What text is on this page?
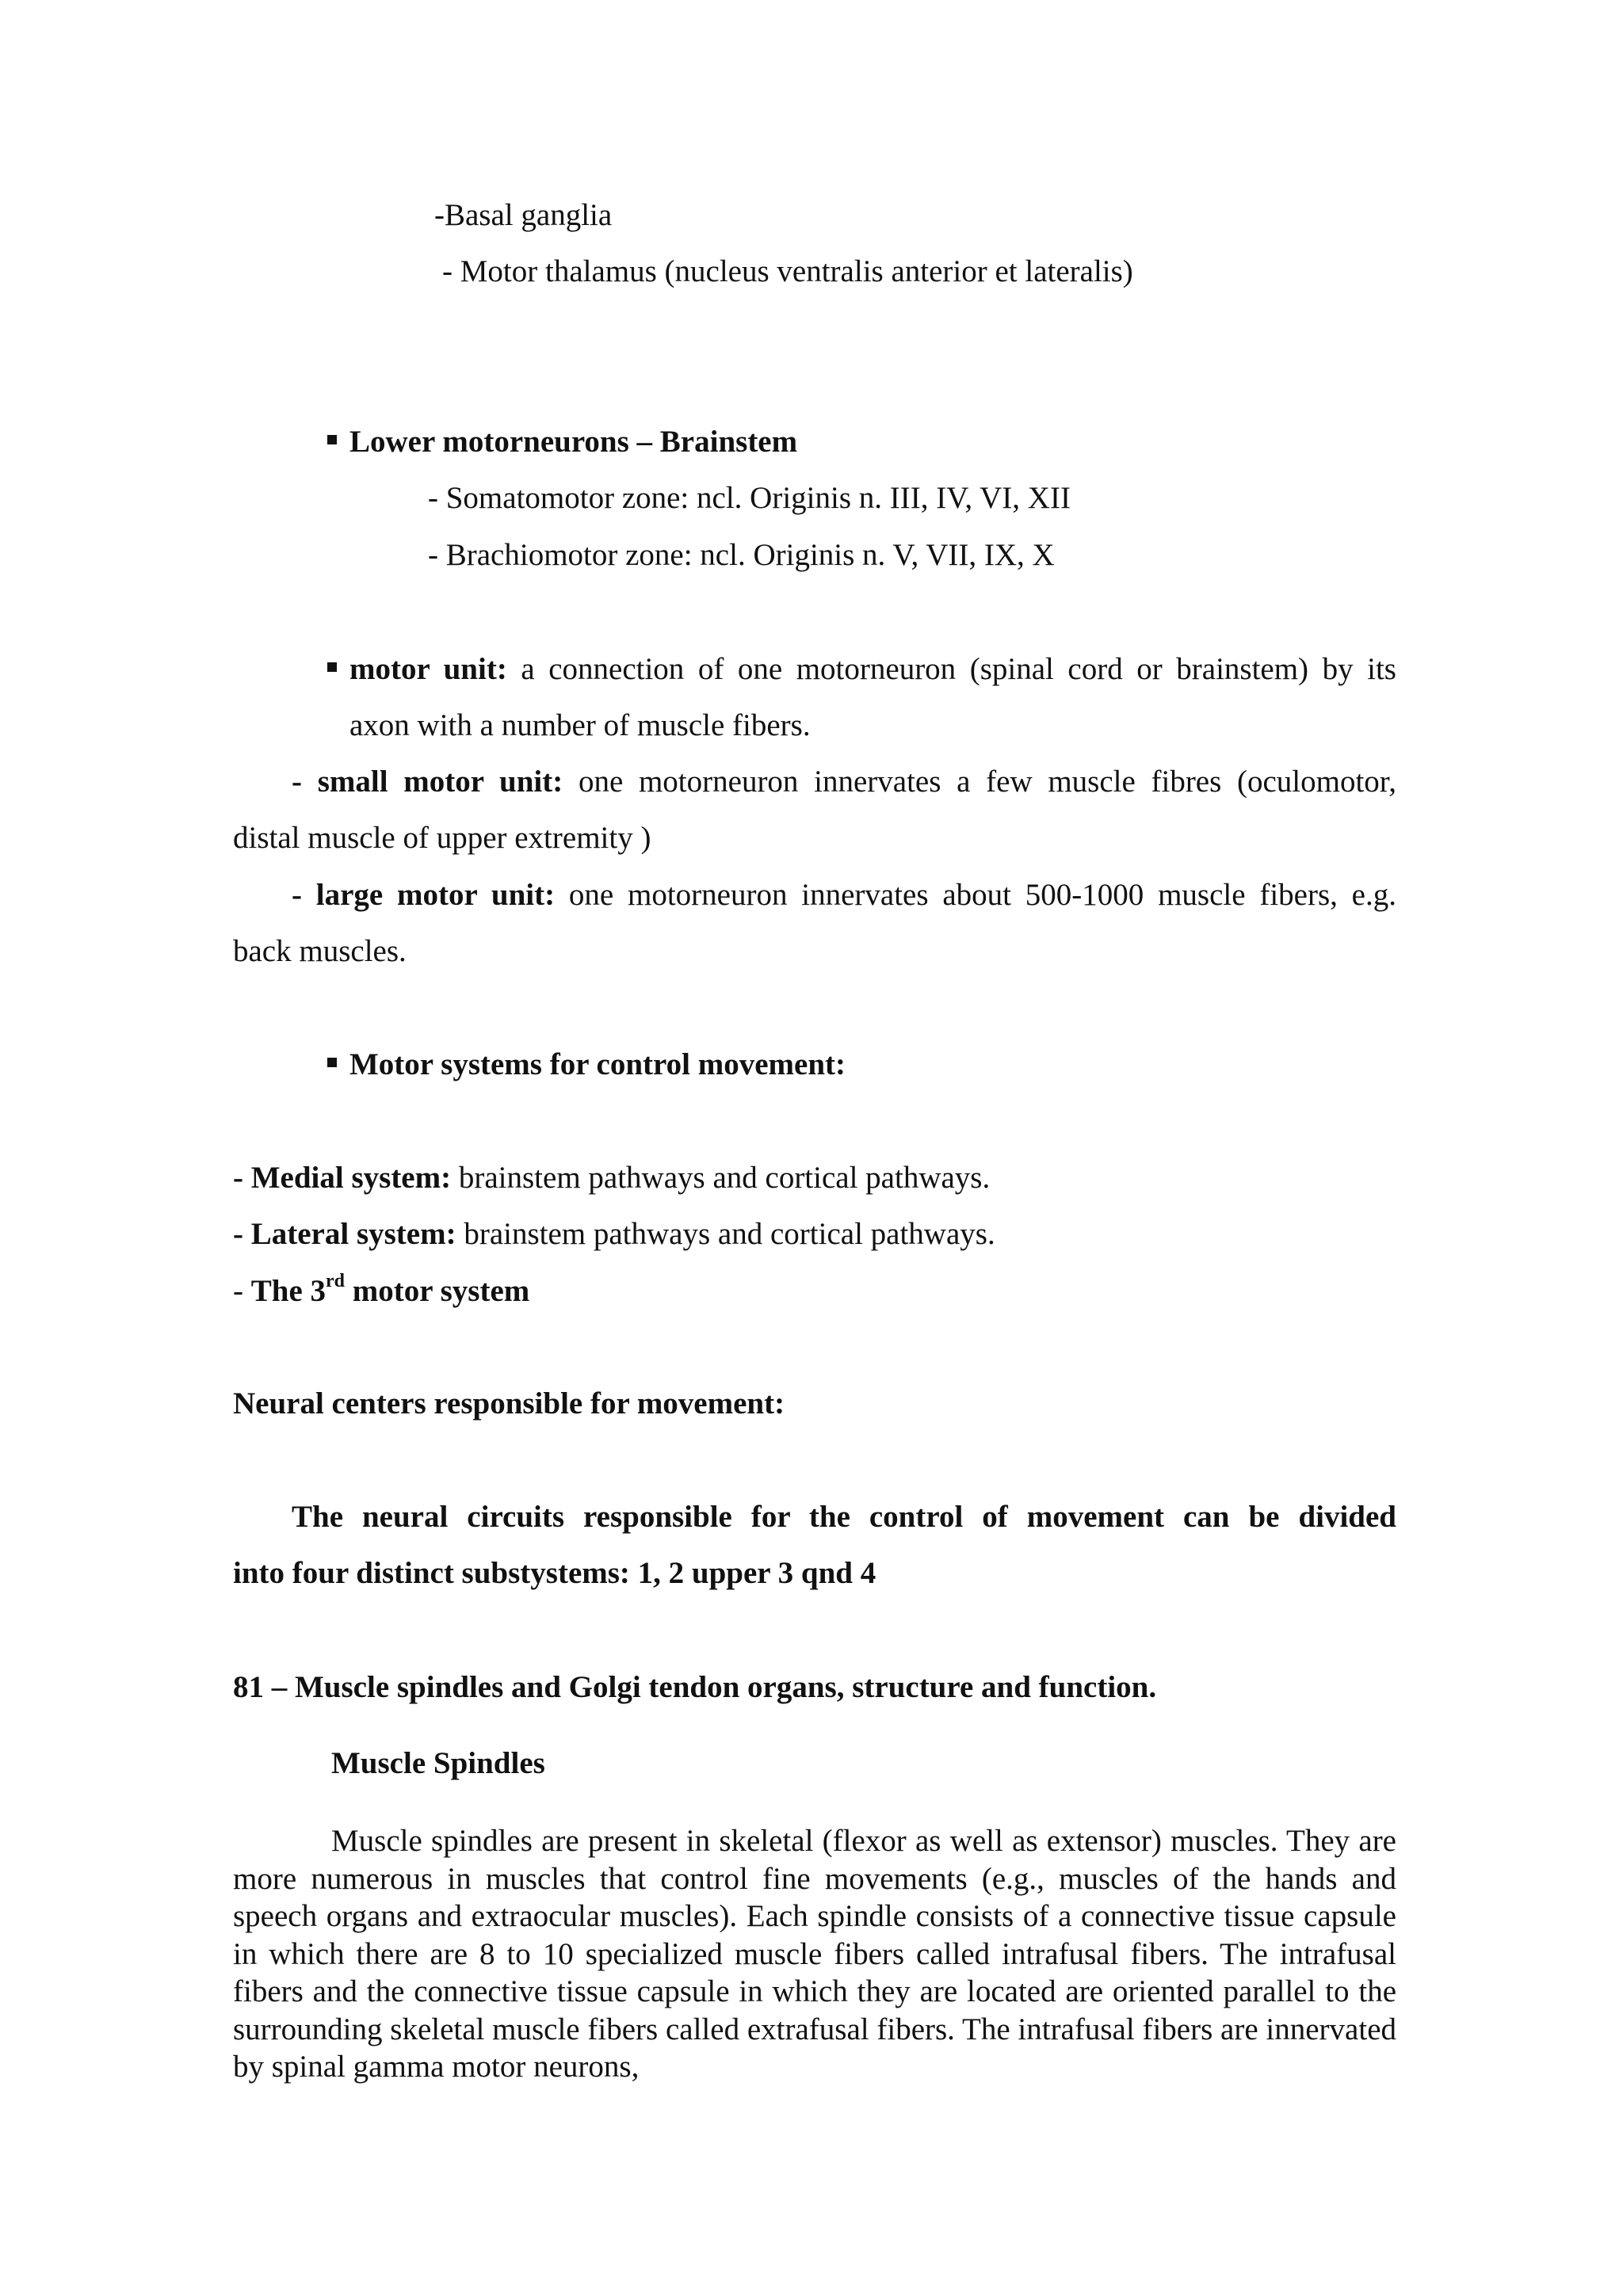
-Basal ganglia
- Motor thalamus (nucleus ventralis anterior et lateralis)
Lower motorneurons – Brainstem
- Somatomotor zone: ncl. Originis n. III, IV, VI, XII
- Brachiomotor zone: ncl. Originis n. V, VII, IX, X
motor unit: a connection of one motorneuron (spinal cord or brainstem) by its
axon with a number of muscle fibers.
- small motor unit: one motorneuron innervates a few muscle fibres (oculomotor,
distal muscle of upper extremity )
- large motor unit: one motorneuron innervates about 500-1000 muscle fibers, e.g.
back muscles.
Motor systems for control movement:
- Medial system: brainstem pathways and cortical pathways.
- Lateral system: brainstem pathways and cortical pathways.
- The 3rd motor system
Neural centers responsible for movement:
The neural circuits responsible for the control of movement can be divided
into four distinct substystems: 1, 2 upper 3 qnd 4
81 – Muscle spindles and Golgi tendon organs, structure and function.
Muscle Spindles
Muscle spindles are present in skeletal (flexor as well as extensor) muscles. They are more numerous in muscles that control fine movements (e.g., muscles of the hands and speech organs and extraocular muscles). Each spindle consists of a connective tissue capsule in which there are 8 to 10 specialized muscle fibers called intrafusal fibers. The intrafusal fibers and the connective tissue capsule in which they are located are oriented parallel to the surrounding skeletal muscle fibers called extrafusal fibers. The intrafusal fibers are innervated by spinal gamma motor neurons,
